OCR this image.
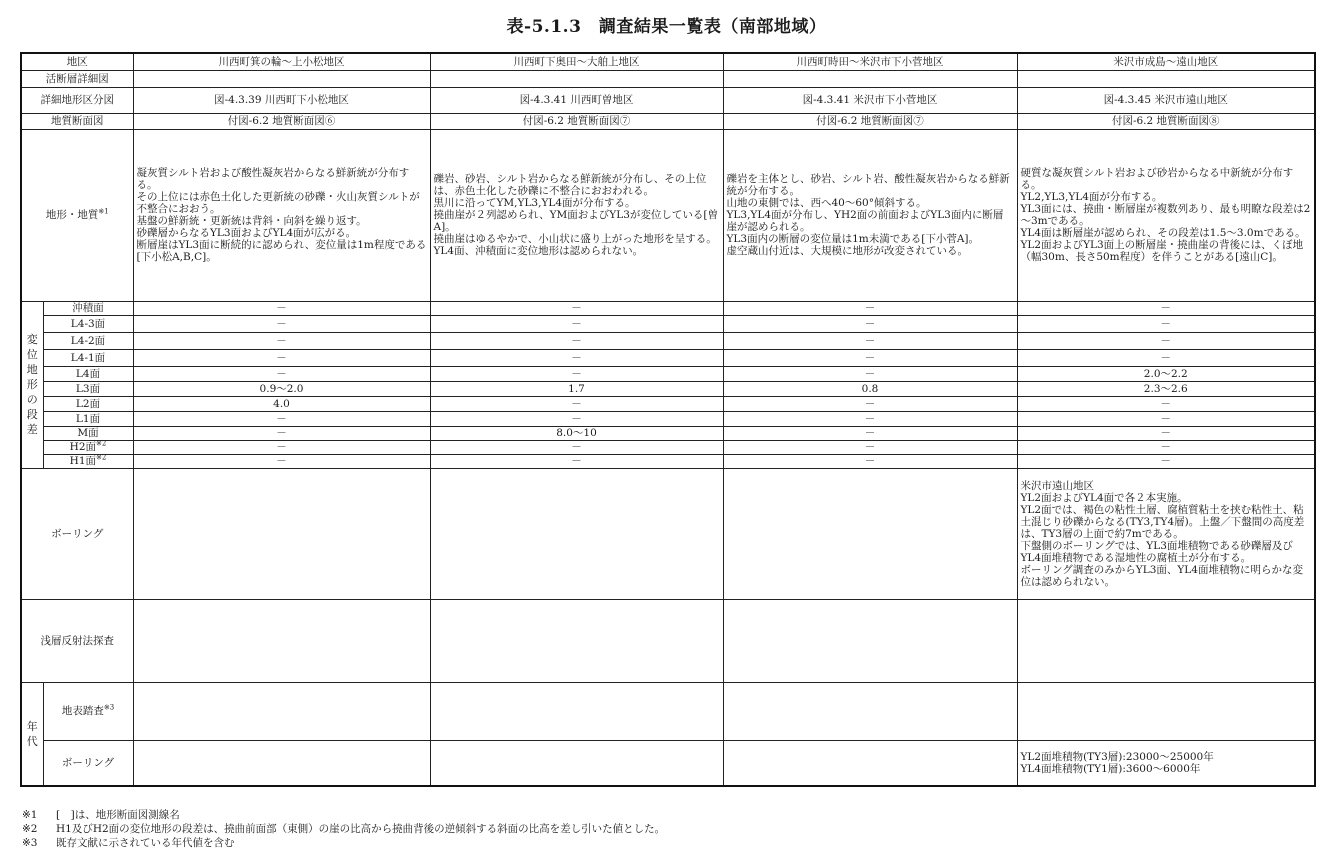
表-5.1.3　調査結果一覧表（南部地域）
地区		川西町箕の輪～上小松地区	川西町下奥田～大舶上地区	川西町時田～米沢市下小菅地区	米沢市成島～遠山地区
活断層詳細図					
詳細地形区分図		図-4.3.39 川西町下小松地区	図-4.3.41 川西町曽地区	図-4.3.41 米沢市下小菅地区	図-4.3.45 米沢市遠山地区
地質断面図		付図-6.2 地質断面図⑥	付図-6.2 地質断面図⑦	付図-6.2 地質断面図⑦	付図-6.2 地質断面図⑧
地形・地質$^{※1}$		凝灰質シルト岩および酸性凝灰岩からなる鮮新統が分布する。
その上位には赤色土化した更新統の砂礫・火山灰質シルトが不整合におおう。
基盤の鮮新統・更新統は背斜・向斜を繰り返す。
砂礫層からなるYL3面およびYL4面が広がる。
断層崖はYL3面に断続的に認められ、変位量は1m程度である[下小松A,B,C]。	礫岩、砂岩、シルト岩からなる鮮新統が分布し、その上位は、赤色土化した砂礫に不整合におおわれる。
黒川に沿ってYM,YL3,YL4面が分布する。
撓曲崖が２列認められ、YM面およびYL3が変位している[曽A]。
撓曲崖はゆるやかで、小山状に盛り上がった地形を呈する。
YL4面、沖積面に変位地形は認められない。	礫岩を主体とし、砂岩、シルト岩、酸性凝灰岩からなる鮮新統が分布する。
山地の東側では、西へ40～60°傾斜する。
YL3,YL4面が分布し、YH2面の前面およびYL3面内に断層崖が認められる。
YL3面内の断層の変位量は1m未満である[下小菅A]。
虚空蔵山付近は、大規模に地形が改変されている。	硬質な凝灰質シルト岩および砂岩からなる中新統が分布する。
YL2,YL3,YL4面が分布する。
YL3面には、撓曲・断層崖が複数列あり、最も明瞭な段差は2～3mである。
YL4面は断層崖が認められ、その段差は1.5～3.0mである。
YL2面およびYL3面上の断層崖・撓曲崖の背後には、くぼ地（幅30m、長さ50m程度）を伴うことがある[遠山C]。
変位地形の段差	沖積面	－	－	－	－
	L4-3面	－	－	－	－
	L4-2面	－	－	－	－
	L4-1面	－	－	－	－
	L4面	－	－	－	2.0～2.2
	L3面	0.9～2.0	1.7	0.8	2.3～2.6
	L2面	4.0	－	－	－
	L1面	－	－	－	－
	M面	－	8.0～10	－	－
	H2面$^{※2}$	－	－	－	－
	H1面$^{※2}$	－	－	－	－
ボーリング					米沢市遠山地区
YL2面およびYL4面で各２本実施。
YL2面では、褐色の粘性土層、腐植質粘土を挟む粘性土、粘土混じり砂礫からなる(TY3,TY4層)。上盤／下盤間の高度差は、TY3層の上面で約7mである。
下盤側のボーリングでは、YL3面堆積物である砂礫層及び　YL4面堆積物である湿地性の腐植土が分布する。
ボーリング調査のみからYL3面、YL4面堆積物に明らかな変位は認められない。
浅層反射法探査					
年代	地表踏査$^{※3}$				
	ボーリング				YL2面堆積物(TY3層):23000～25000年
YL4面堆積物(TY1層):3600～6000年
※1 [　]は、地形断面図測線名
※2 H1及びH2面の変位地形の段差は、撓曲前面部（東側）の崖の比高から撓曲背後の逆傾斜する斜面の比高を差し引いた値とした。
※3 既存文献に示されている年代値を含む
